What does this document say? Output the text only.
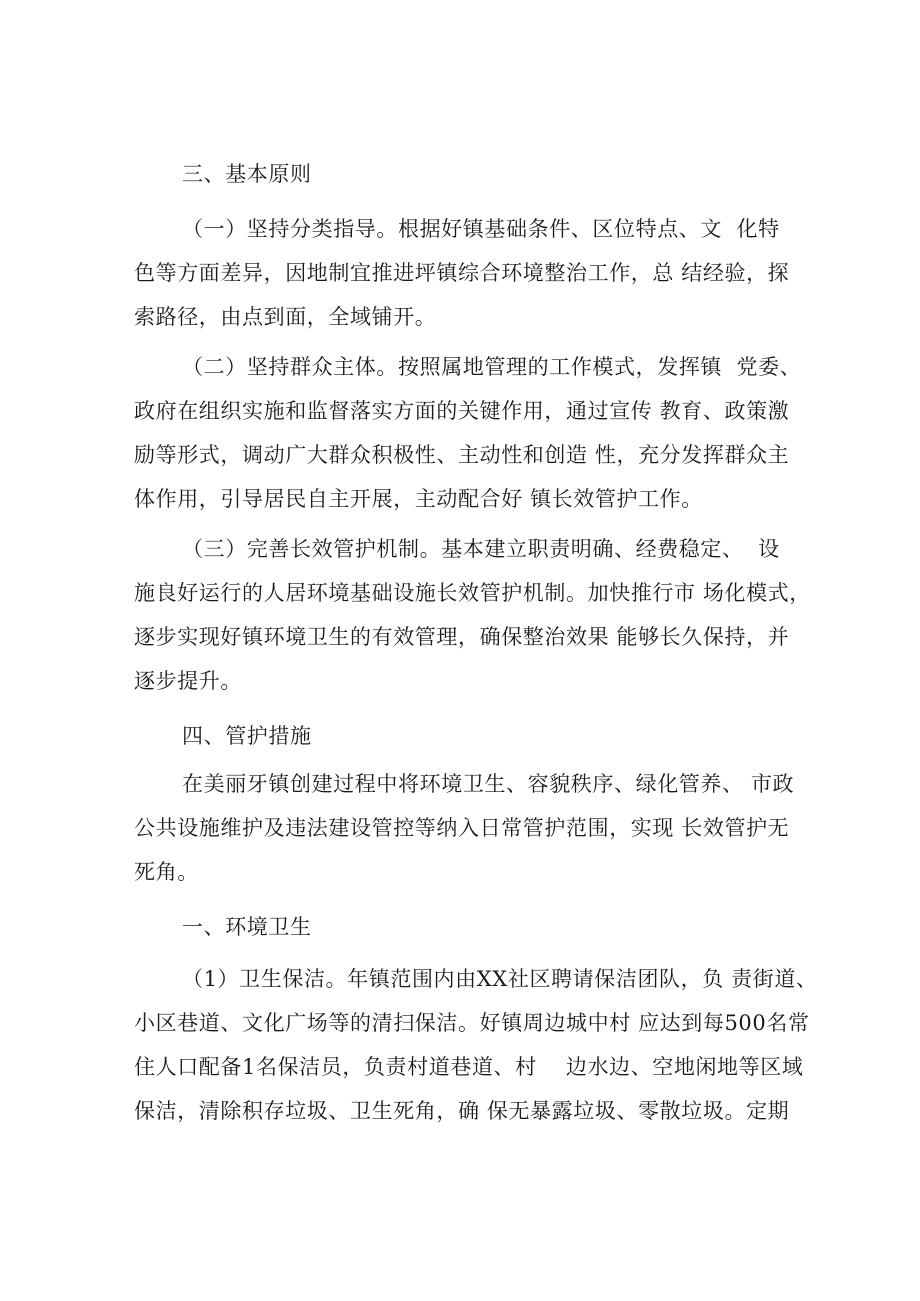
三、基本原则
（一）坚持分类指导。根据好镇基础条件、区位特点、文  化特
色等方面差异，因地制宜推进坪镇综合环境整治工作，总 结经验，探
索路径，由点到面，全域铺开。
（二）坚持群众主体。按照属地管理的工作模式，发挥镇  党委、
政府在组织实施和监督落实方面的关键作用，通过宣传 教育、政策激
励等形式，调动广大群众积极性、主动性和创造 性，充分发挥群众主
体作用，引导居民自主开展，主动配合好 镇长效管护工作。
（三）完善长效管护机制。基本建立职责明确、经费稳定、  设
施良好运行的人居环境基础设施长效管护机制。加快推行市 场化模式，
逐步实现好镇环境卫生的有效管理，确保整治效果 能够长久保持，并
逐步提升。
四、管护措施
在美丽牙镇创建过程中将环境卫生、容貌秩序、绿化管养、 市政
公共设施维护及违法建设管控等纳入日常管护范围，实现 长效管护无
死角。
一、环境卫生
（1）卫生保洁。年镇范围内由XX社区聘请保洁团队，负 责街道、
小区巷道、文化广场等的清扫保洁。好镇周边城中村 应达到每500名常
住人口配备1名保洁员，负责村道巷道、村    边水边、空地闲地等区域
保洁，清除积存垃圾、卫生死角，确 保无暴露垃圾、零散垃圾。定期
